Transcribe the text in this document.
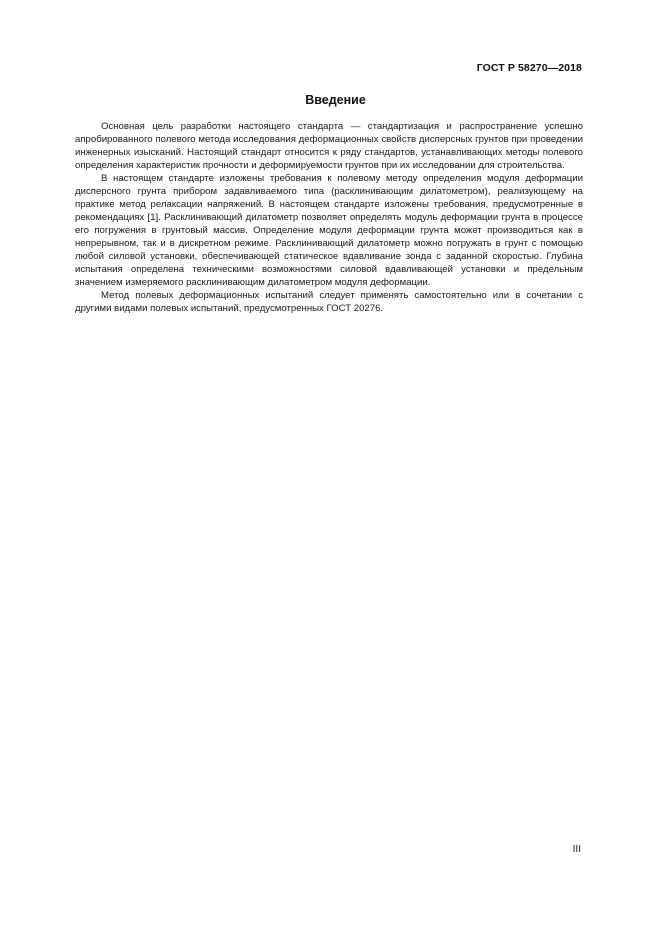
ГОСТ Р 58270—2018
Введение

Основная цель разработки настоящего стандарта — стандартизация и распространение успешно апробированного полевого метода исследования деформационных свойств дисперсных грунтов при проведении инженерных изысканий. Настоящий стандарт относится к ряду стандартов, устанавливающих методы полевого определения характеристик прочности и деформируемости грунтов при их исследовании для строительства.

В настоящем стандарте изложены требования к полевому методу определения модуля деформации дисперсного грунта прибором задавливаемого типа (расклинивающим дилатометром), реализующему на практике метод релаксации напряжений. В настоящем стандарте изложены требования, предусмотренные в рекомендациях [1]. Расклинивающий дилатометр позволяет определять модуль деформации грунта в процессе его погружения в грунтовый массив. Определение модуля деформации грунта может производиться как в непрерывном, так и в дискретном режиме. Расклинивающий дилатометр можно погружать в грунт с помощью любой силовой установки, обеспечивающей статическое вдавливание зонда с заданной скоростью. Глубина испытания определена техническими возможностями силовой вдавливающей установки и предельным значением измеряемого расклинивающим дилатометром модуля деформации.

Метод полевых деформационных испытаний следует применять самостоятельно или в сочетании с другими видами полевых испытаний, предусмотренных ГОСТ 20276.

III
